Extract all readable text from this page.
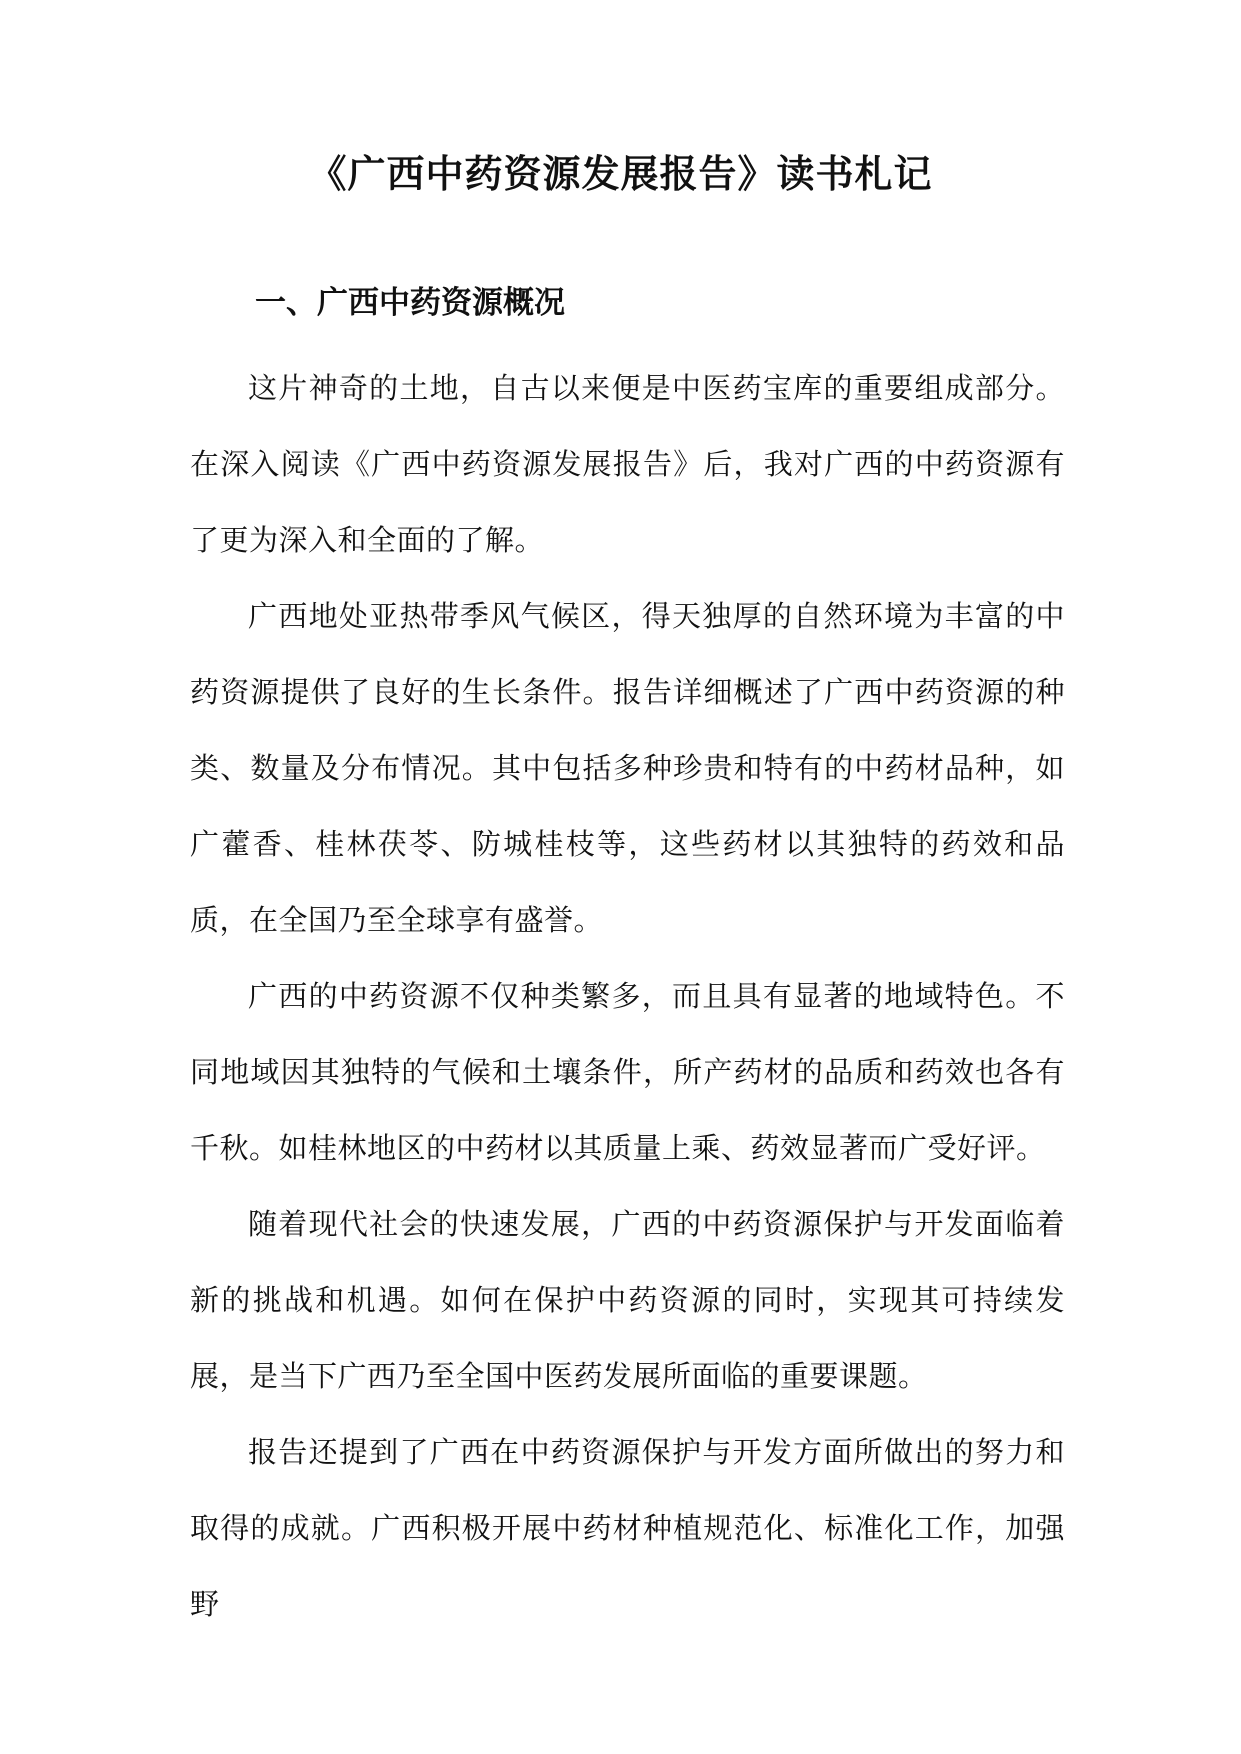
《广西中药资源发展报告》读书札记
一、广西中药资源概况

这片神奇的土地，自古以来便是中医药宝库的重要组成部分。在深入阅读《广西中药资源发展报告》后，我对广西的中药资源有了更为深入和全面的了解。

广西地处亚热带季风气候区，得天独厚的自然环境为丰富的中药资源提供了良好的生长条件。报告详细概述了广西中药资源的种类、数量及分布情况。其中包括多种珍贵和特有的中药材品种，如广藿香、桂林茯苓、防城桂枝等，这些药材以其独特的药效和品质，在全国乃至全球享有盛誉。

广西的中药资源不仅种类繁多，而且具有显著的地域特色。不同地域因其独特的气候和土壤条件，所产药材的品质和药效也各有千秋。如桂林地区的中药材以其质量上乘、药效显著而广受好评。

随着现代社会的快速发展，广西的中药资源保护与开发面临着新的挑战和机遇。如何在保护中药资源的同时，实现其可持续发展，是当下广西乃至全国中医药发展所面临的重要课题。

报告还提到了广西在中药资源保护与开发方面所做出的努力和取得的成就。广西积极开展中药材种植规范化、标准化工作，加强野
